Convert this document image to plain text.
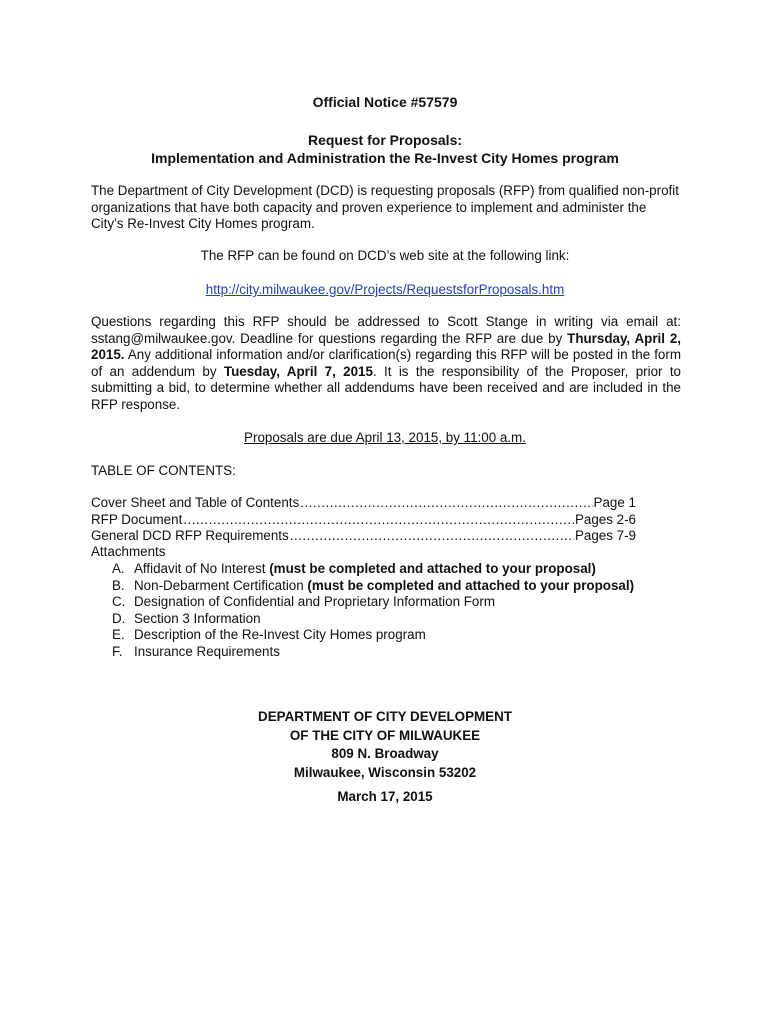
Official Notice #57579
Request for Proposals:
Implementation and Administration the Re-Invest City Homes program
The Department of City Development (DCD) is requesting proposals (RFP) from qualified non-profit organizations that have both capacity and proven experience to implement and administer the City’s Re-Invest City Homes program.
The RFP can be found on DCD’s web site at the following link:
http://city.milwaukee.gov/Projects/RequestsforProposals.htm
Questions regarding this RFP should be addressed to Scott Stange in writing via email at: sstang@milwaukee.gov. Deadline for questions regarding the RFP are due by Thursday, April 2, 2015. Any additional information and/or clarification(s) regarding this RFP will be posted in the form of an addendum by Tuesday, April 7, 2015. It is the responsibility of the Proposer, prior to submitting a bid, to determine whether all addendums have been received and are included in the RFP response.
Proposals are due April 13, 2015, by 11:00 a.m.
TABLE OF CONTENTS:
Cover Sheet and Table of Contents .....	Page 1
RFP Document .....	Pages 2-6
General DCD RFP Requirements .....	Pages 7-9
Attachments
A. Affidavit of No Interest (must be completed and attached to your proposal)
B. Non-Debarment Certification (must be completed and attached to your proposal)
C. Designation of Confidential and Proprietary Information Form
D. Section 3 Information
E. Description of the Re-Invest City Homes program
F. Insurance Requirements
DEPARTMENT OF CITY DEVELOPMENT
OF THE CITY OF MILWAUKEE
809 N. Broadway
Milwaukee, Wisconsin 53202
March 17, 2015
